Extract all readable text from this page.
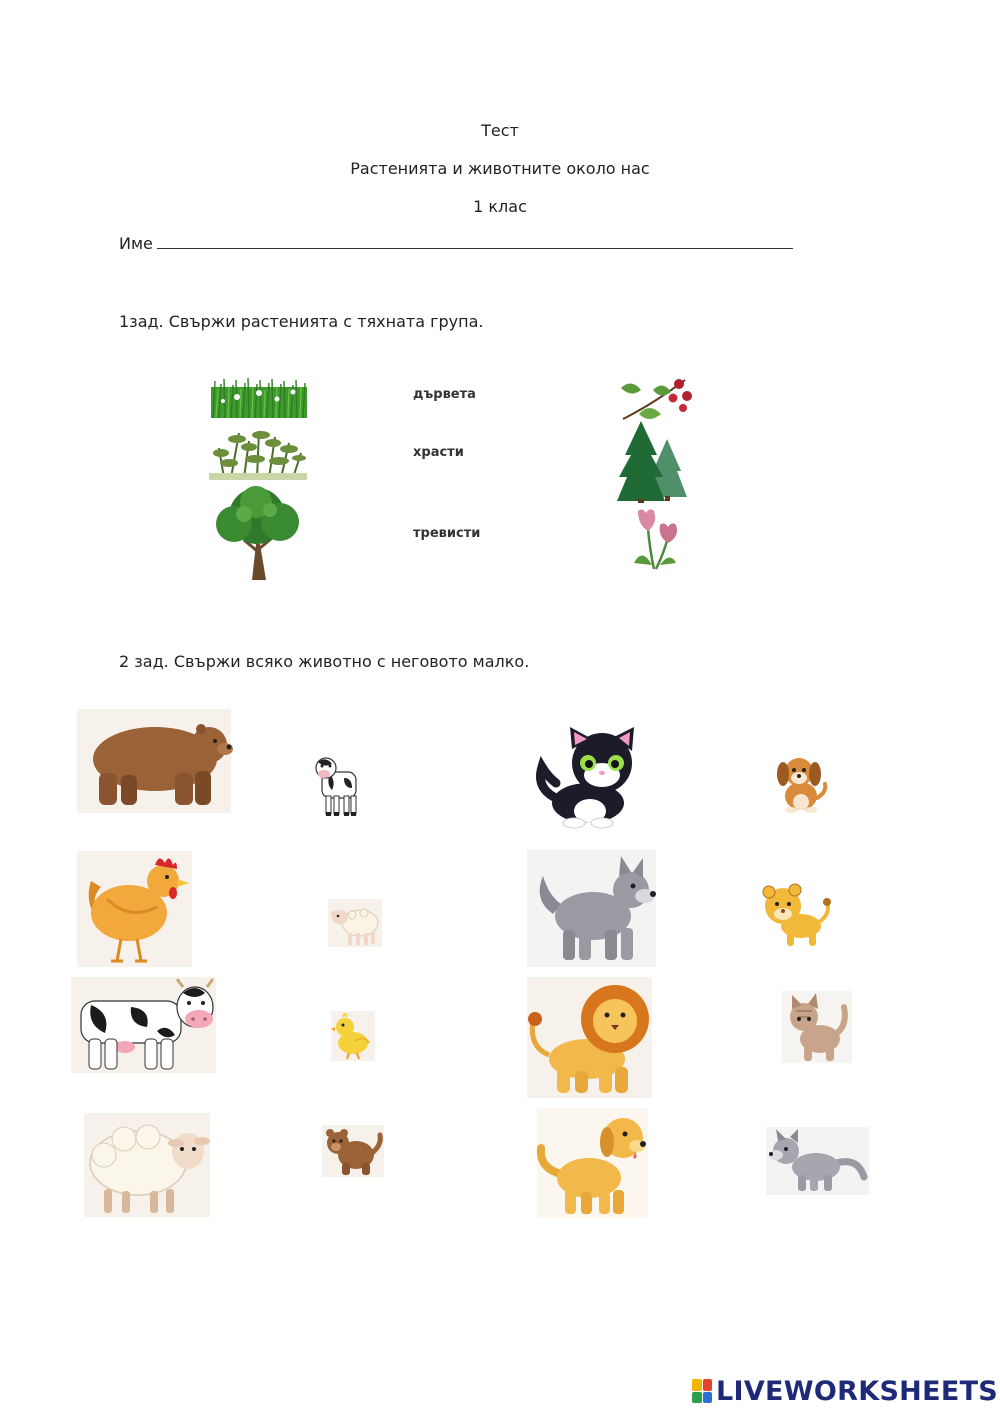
Тест
Растенията и животните около нас
1 клас
Име
1зад. Свържи растенията с тяхната група.
дървета
храсти
тревисти
2 зад. Свържи всяко животно с неговото малко.
LIVEWORKSHEETS
